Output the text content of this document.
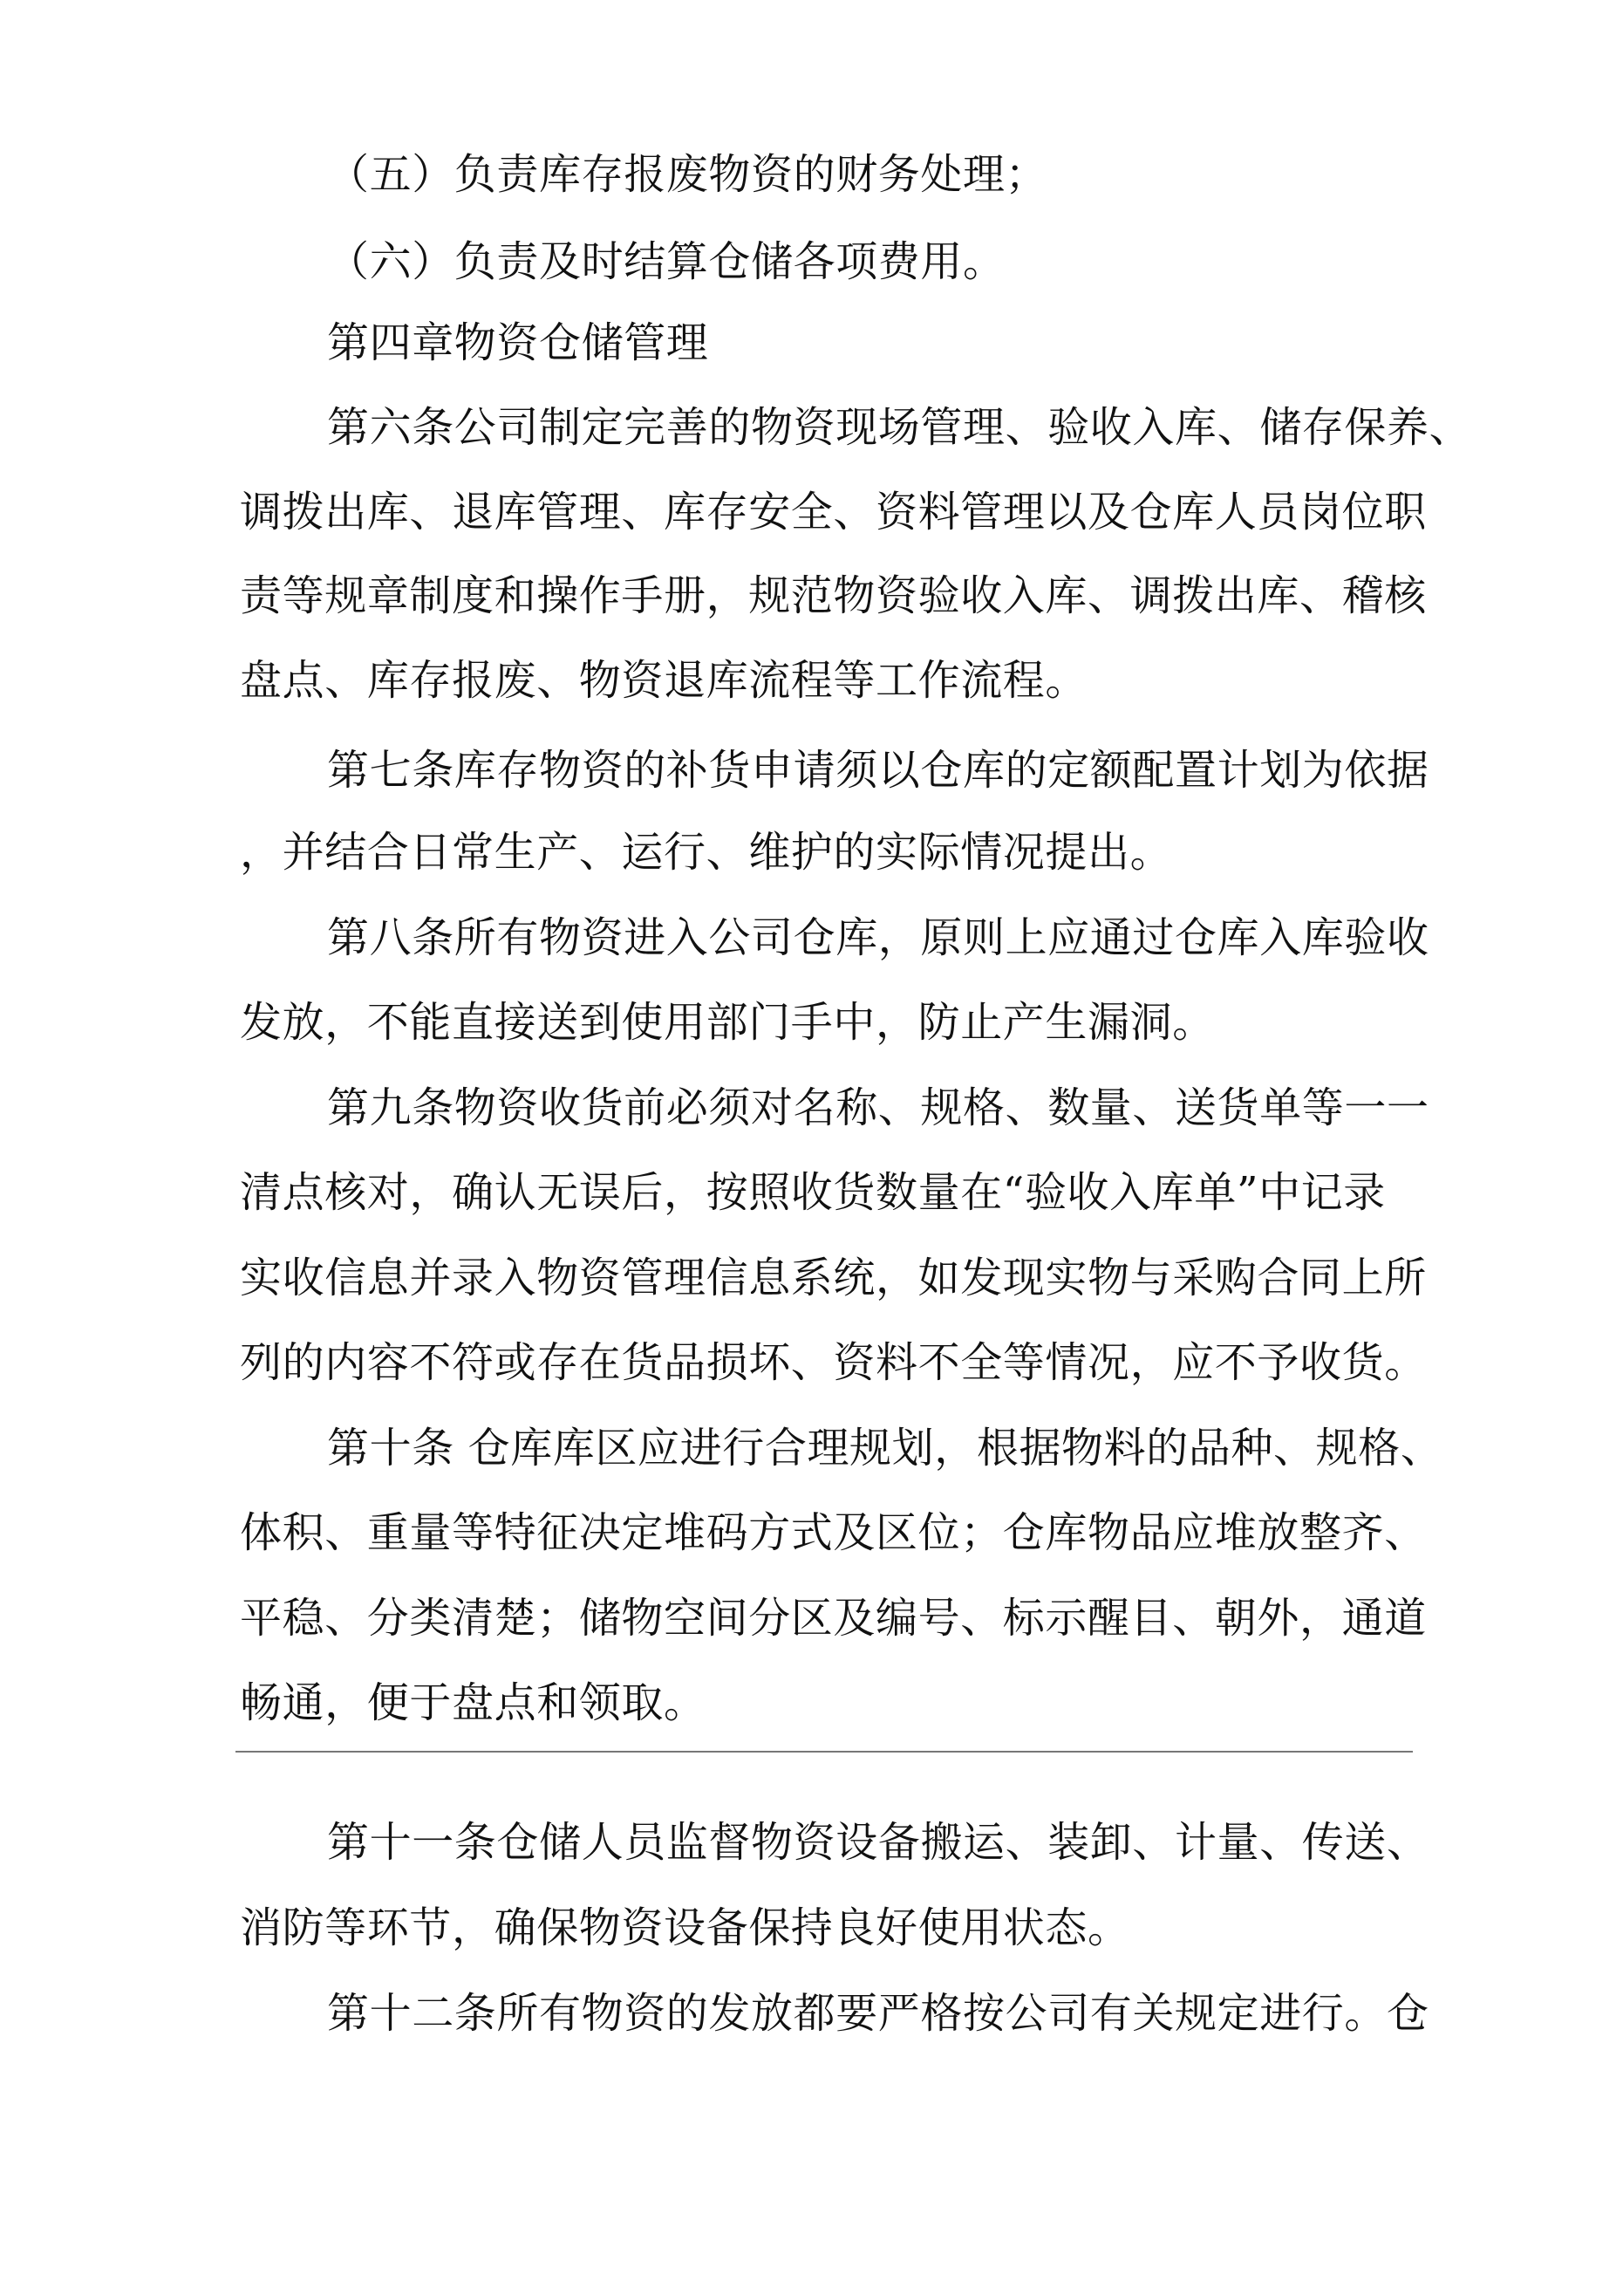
（五）负责库存报废物资的财务处理；
（六）负责及时结算仓储各项费用。
第四章物资仓储管理
第六条公司制定完善的物资现场管理、验收入库、储存保养、
调拨出库、退库管理、库存安全、资料管理以及仓库人员岗位职
责等规章制度和操作手册，规范物资验收入库、调拨出库、稽核
盘点、库存报废、物资退库流程等工作流程。
第七条库存物资的补货申请须以仓库的定额配置计划为依据
，并结合日常生产、运行、维护的实际情况提出。
第八条所有物资进入公司仓库，原则上应通过仓库入库验收
发放，不能直接送到使用部门手中，防止产生漏洞。
第九条物资收货前必须对名称、规格、数量、送货单等一一
清点核对，确认无误后，按照收货数量在“验收入库单”中记录
实收信息并录入物资管理信息系统，如发现实物与采购合同上所
列的内容不符或存在货品损坏、资料不全等情况，应不予收货。
第十条 仓库库区应进行合理规划，根据物料的品种、规格、
体积、重量等特征决定堆码方式及区位；仓库物品应堆放整齐、
平稳、分类清楚；储物空间分区及编号、标示醒目、朝外，通道
畅通，便于盘点和领取。
第十一条仓储人员监督物资设备搬运、装卸、计量、传送、
消防等环节，确保物资设备保持良好使用状态。
第十二条所有物资的发放都要严格按公司有关规定进行。仓
